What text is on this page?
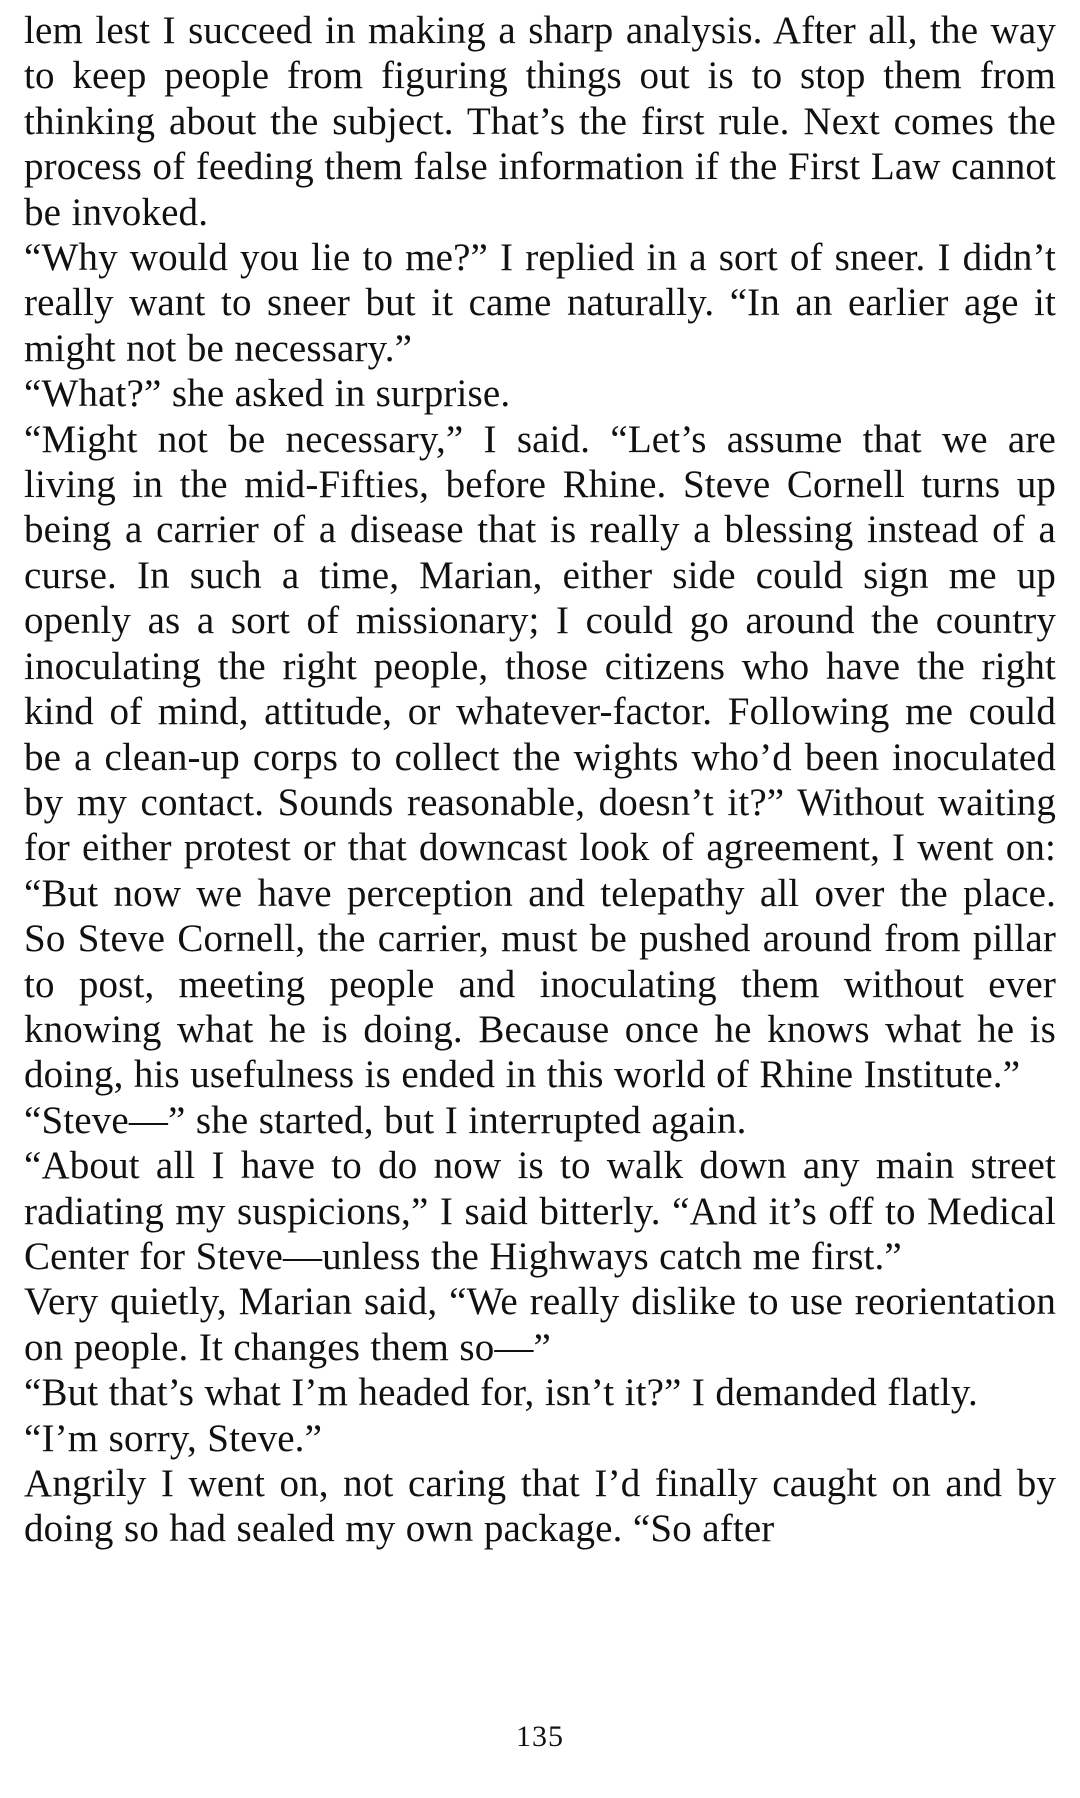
lem lest I succeed in making a sharp analysis. After all, the way to keep people from figuring things out is to stop them from thinking about the subject. That’s the first rule. Next comes the process of feeding them false information if the First Law cannot be invoked.

“Why would you lie to me?” I replied in a sort of sneer. I didn’t really want to sneer but it came naturally. “In an earlier age it might not be necessary.”

“What?” she asked in surprise.

“Might not be necessary,” I said. “Let’s assume that we are living in the mid-Fifties, before Rhine. Steve Cornell turns up being a carrier of a disease that is really a blessing instead of a curse. In such a time, Marian, either side could sign me up openly as a sort of missionary; I could go around the country inoculating the right people, those citizens who have the right kind of mind, attitude, or whatever-factor. Following me could be a clean-up corps to collect the wights who’d been inoculated by my contact. Sounds reasonable, doesn’t it?” Without waiting for either protest or that downcast look of agreement, I went on: “But now we have perception and telepathy all over the place. So Steve Cornell, the carrier, must be pushed around from pillar to post, meeting people and inoculating them without ever knowing what he is doing. Because once he knows what he is doing, his usefulness is ended in this world of Rhine Institute.”

“Steve—” she started, but I interrupted again.

“About all I have to do now is to walk down any main street radiating my suspicions,” I said bitterly. “And it’s off to Medical Center for Steve—unless the Highways catch me first.”

Very quietly, Marian said, “We really dislike to use reorientation on people. It changes them so—”

“But that’s what I’m headed for, isn’t it?” I demanded flatly.

“I’m sorry, Steve.”

Angrily I went on, not caring that I’d finally caught on and by doing so had sealed my own package. “So after

135
